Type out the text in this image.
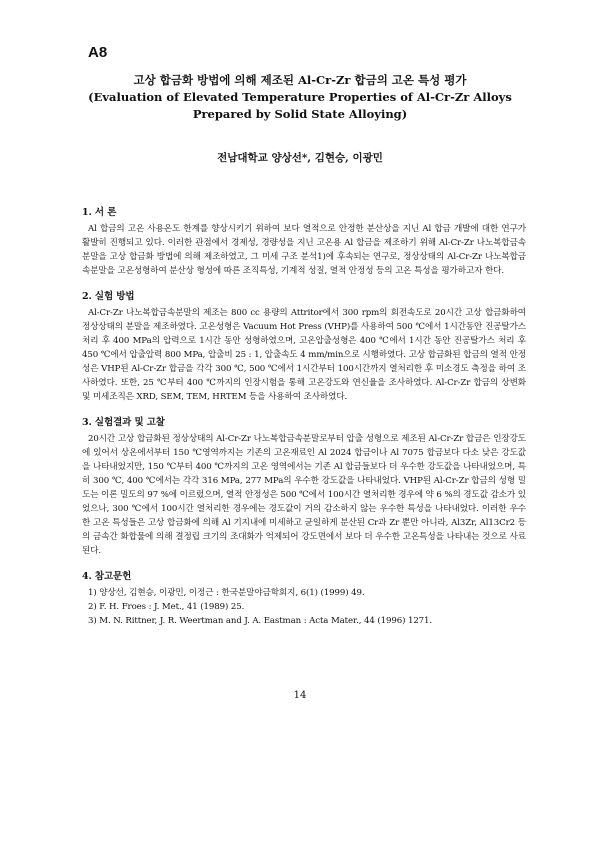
A8
고상 합금화 방법에 의해 제조된 Al-Cr-Zr 합금의 고온 특성 평가
(Evaluation of Elevated Temperature Properties of Al-Cr-Zr Alloys
Prepared by Solid State Alloying)
전남대학교 양상선*, 김현승, 이광민
1. 서 론
Al 합금의 고온 사용온도 한계를 향상시키기 위하여 보다 열적으로 안정한 분산상을 지닌 Al 합금 개발에 대한 연구가 활발히 진행되고 있다. 이러한 관점에서 경제성, 경량성을 지닌 고온용 Al 합금을 제조하기 위해 Al-Cr-Zr 나노복합금속분말을 고상 합금화 방법에 의해 제조하였고, 그 미세 구조 분석1)에 후속되는 연구로, 정상상태의 Al-Cr-Zr 나노복합금속분말을 고온성형하여 분산상 형성에 따른 조직특성, 기계적 성질, 열적 안정성 등의 고온 특성을 평가하고자 한다.
2. 실험 방법
Al-Cr-Zr 나노복합금속분말의 제조는 800 cc 용량의 Attritor에서 300 rpm의 회전속도로 20시간 고상 합금화하여 정상상태의 분말을 제조하였다. 고온성형은 Vacuum Hot Press (VHP)를 사용하여 500 ℃에서 1시간동안 진공탈가스 처리 후 400 MPa의 압력으로 1시간 동안 성형하였으며, 고온압출성형은 400 ℃에서 1시간 동안 진공탈가스 처리 후 450 ℃에서 압출압력 800 MPa, 압출비 25 : 1, 압출속도 4 mm/min으로 시행하였다. 고상 합금화된 합금의 열적 안정성은 VHP된 Al-Cr-Zr 합금을 각각 300 ℃, 500 ℃에서 1시간부터 100시간까지 열처리한 후 미소경도 측정을 하여 조사하였다. 또한, 25 ℃부터 400 ℃까지의 인장시험을 통해 고온강도와 연신율을 조사하였다. Al-Cr-Zr 합금의 상변화 및 미세조직은 XRD, SEM, TEM, HRTEM 등을 사용하여 조사하였다.
3. 실험결과 및 고찰
20시간 고상 합금화된 정상상태의 Al-Cr-Zr 나노복합금속분말로부터 압출 성형으로 제조된 Al-Cr-Zr 합금은 인장강도에 있어서 상온에서부터 150 ℃영역까지는 기존의 고온재료인 Al 2024 합금이나 Al 7075 합금보다 다소 낮은 강도값을 나타내었지만, 150 ℃부터 400 ℃까지의 고온 영역에서는 기존 Al 합금들보다 더 우수한 강도값을 나타내었으며, 특히 300 ℃, 400 ℃에서는 각각 316 MPa, 277 MPa의 우수한 강도값을 나타내었다. VHP된 Al-Cr-Zr 합금의 성형 밀도는 이론 밀도의 97 %에 이르렀으며, 열적 안정성은 500 ℃에서 100시간 열처리한 경우에 약 6 %의 경도값 감소가 있었으나, 300 ℃에서 100시간 열처리한 경우에는 경도값이 거의 감소하지 않는 우수한 특성을 나타내었다. 이러한 우수한 고온 특성들은 고상 합금화에 의해 Al 기지내에 미세하고 균일하게 분산된 Cr과 Zr 뿐만 아니라, Al3Zr, Al13Cr2 등의 금속간 화합물에 의해 결정립 크기의 조대화가 억제되어 강도면에서 보다 더 우수한 고온특성을 나타내는 것으로 사료된다.
4. 참고문헌
1) 양상선, 김현승, 이광민, 이정근 : 한국분말야금학회지, 6(1) (1999) 49.
2) F. H. Froes : J. Met., 41 (1989) 25.
3) M. N. Rittner, J. R. Weertman and J. A. Eastman : Acta Mater., 44 (1996) 1271.
14
